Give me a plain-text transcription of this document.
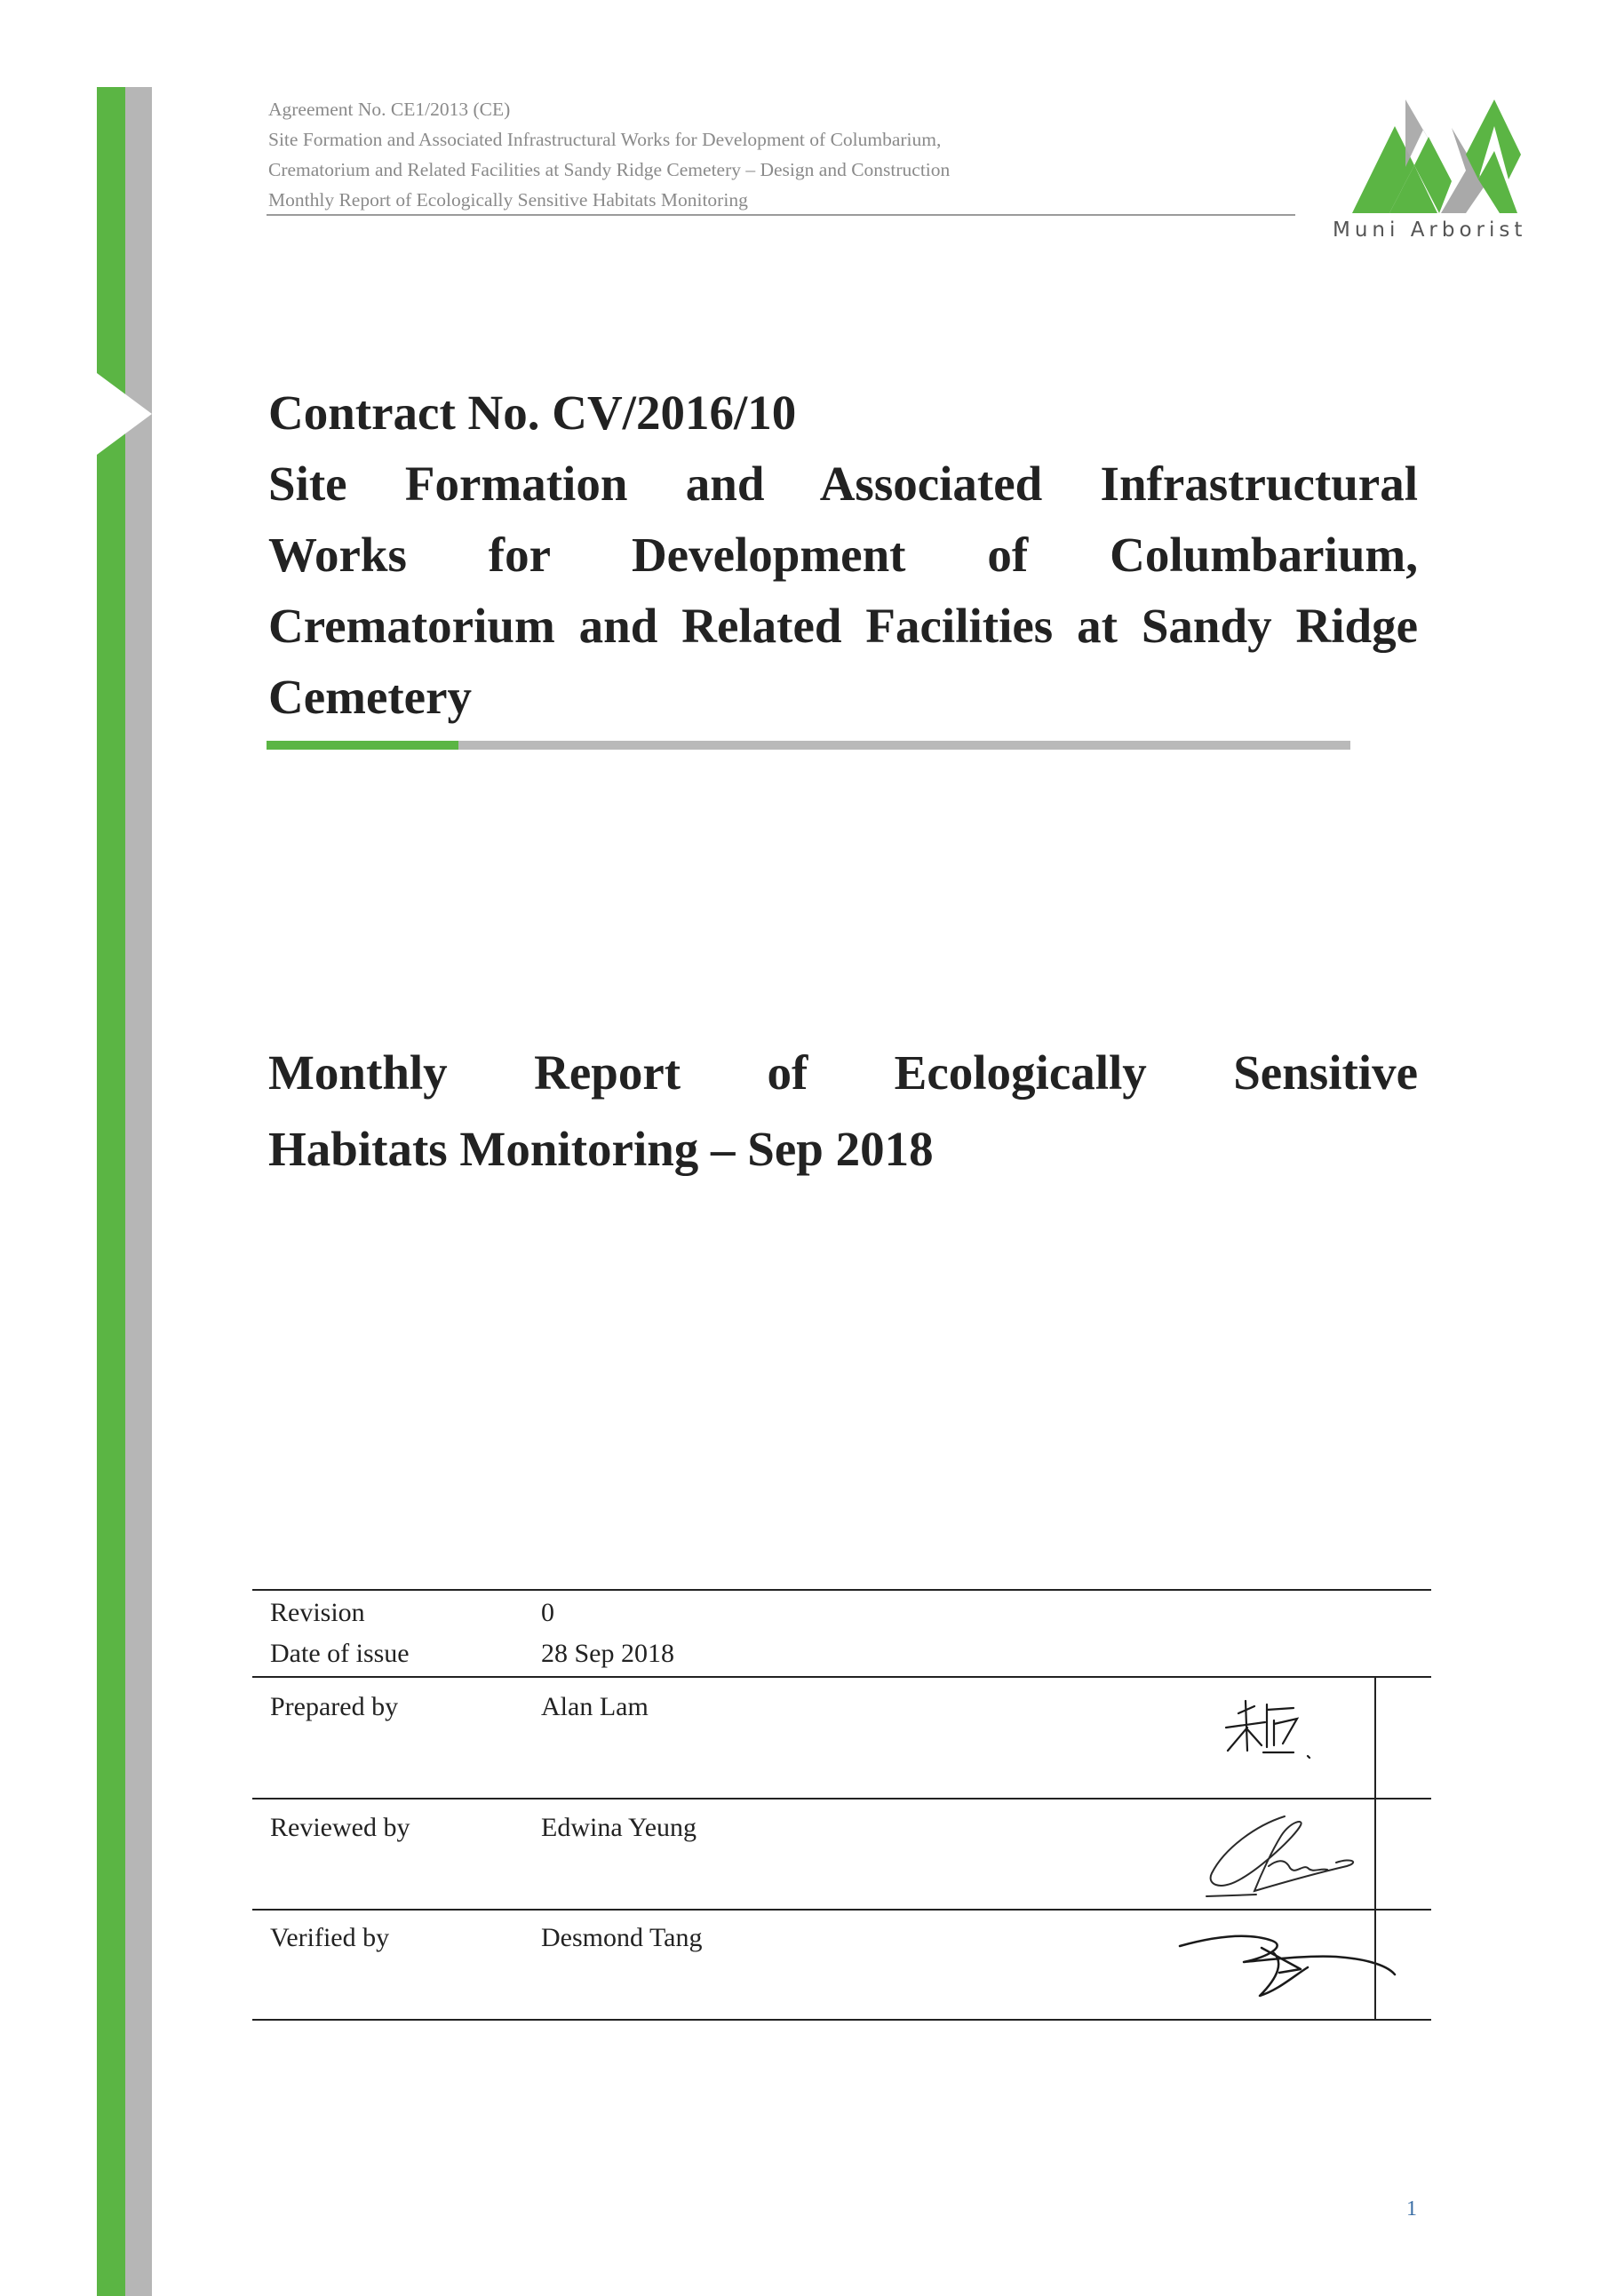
Agreement No. CE1/2013 (CE)
Site Formation and Associated Infrastructural Works for Development of Columbarium,
Crematorium and Related Facilities at Sandy Ridge Cemetery – Design and Construction
Monthly Report of Ecologically Sensitive Habitats Monitoring
Muni Arborist
Contract No. CV/2016/10
Site Formation and Associated Infrastructural
Works for Development of Columbarium,
Crematorium and Related Facilities at Sandy Ridge
Cemetery
Monthly Report of Ecologically Sensitive
Habitats Monitoring – Sep 2018
Revision	0
Date of issue	28 Sep 2018
Prepared by	Alan Lam
Reviewed by	Edwina Yeung
Verified by	Desmond Tang
1
